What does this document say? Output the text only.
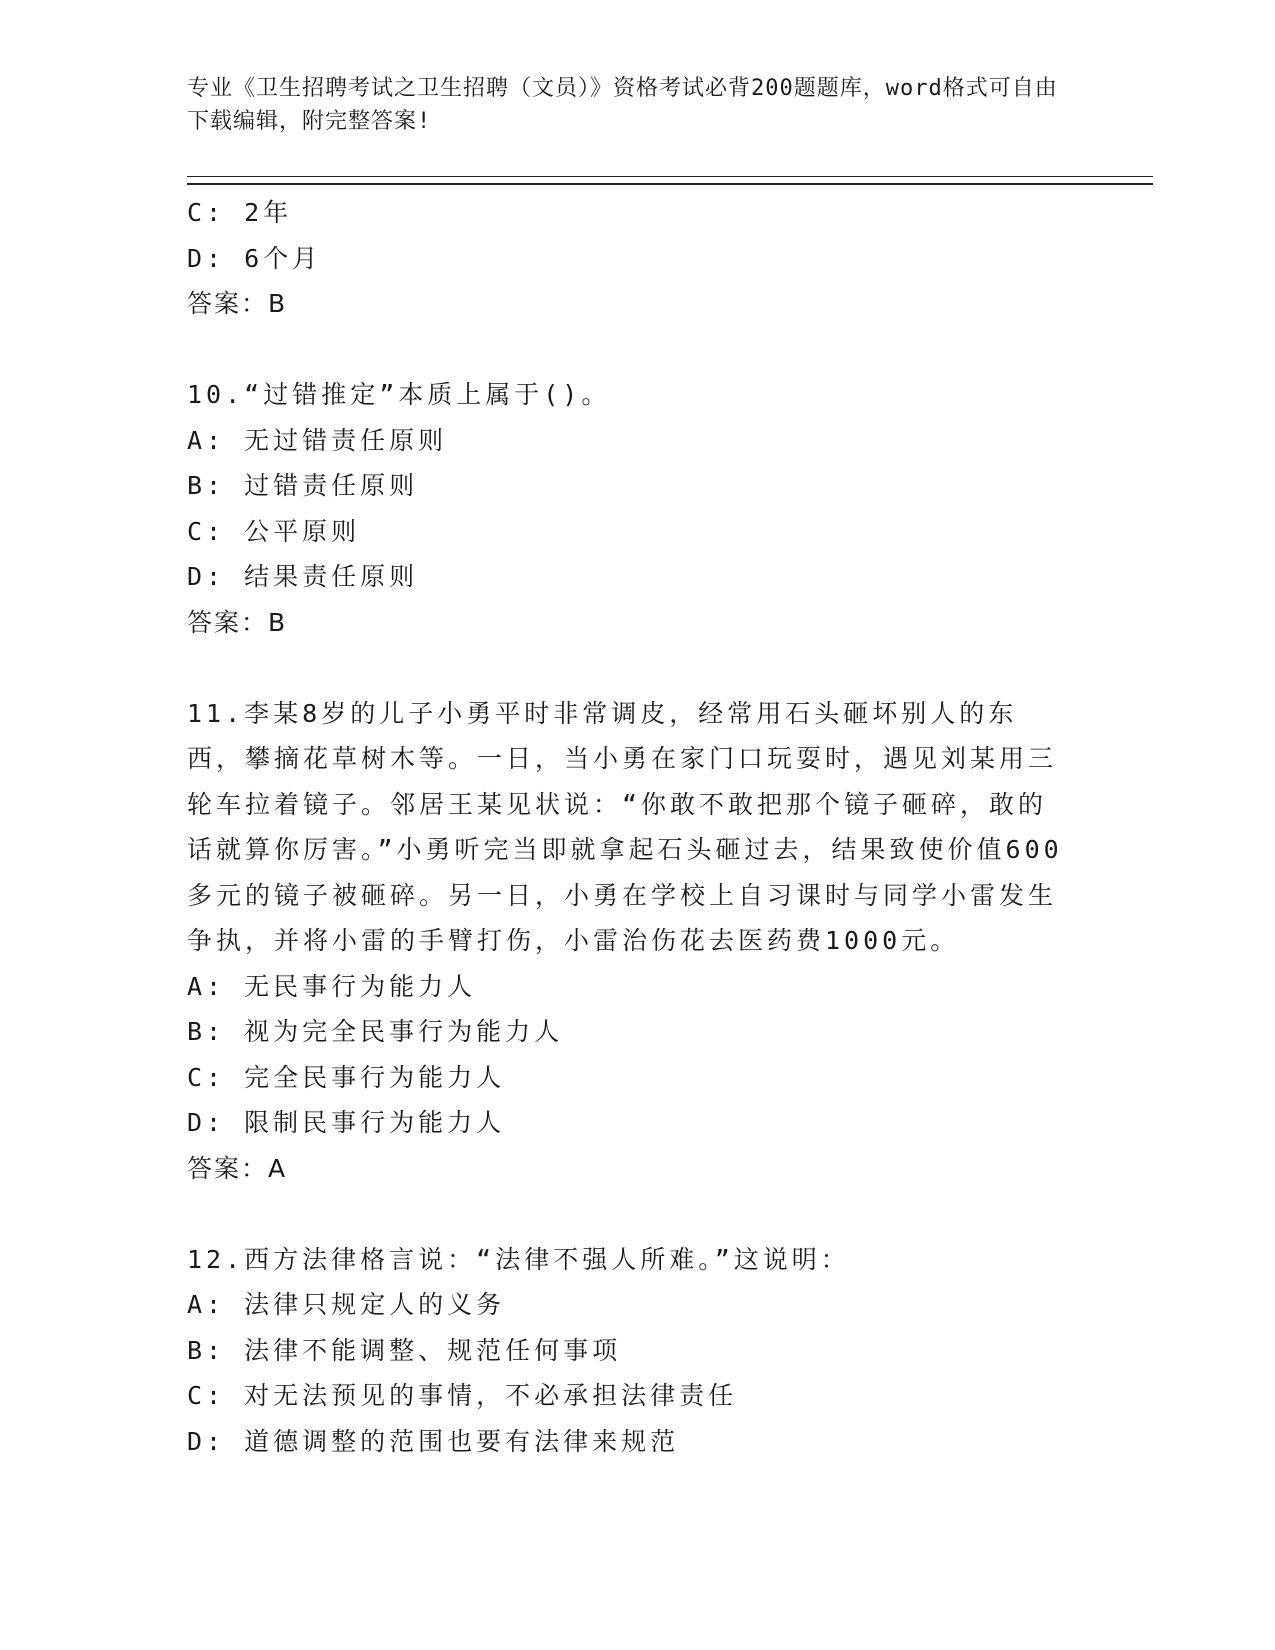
专业《卫生招聘考试之卫生招聘（文员）》资格考试必背200题题库，word格式可自由下载编辑，附完整答案!
C: 2年
D: 6个月
答案：B
10.“过错推定”本质上属于()。
A: 无过错责任原则
B: 过错责任原则
C: 公平原则
D: 结果责任原则
答案：B
11.李某8岁的儿子小勇平时非常调皮，经常用石头砸坏别人的东西，攀摘花草树木等。一日，当小勇在家门口玩耍时，遇见刘某用三轮车拉着镜子。邻居王某见状说：“你敢不敢把那个镜子砸碎，敢的话就算你厉害。”小勇听完当即就拿起石头砸过去，结果致使价值600多元的镜子被砸碎。另一日，小勇在学校上自习课时与同学小雷发生争执，并将小雷的手臂打伤，小雷治伤花去医药费1000元。
A: 无民事行为能力人
B: 视为完全民事行为能力人
C: 完全民事行为能力人
D: 限制民事行为能力人
答案：A
12.西方法律格言说：“法律不强人所难。”这说明：
A: 法律只规定人的义务
B: 法律不能调整、规范任何事项
C: 对无法预见的事情，不必承担法律责任
D: 道德调整的范围也要有法律来规范
